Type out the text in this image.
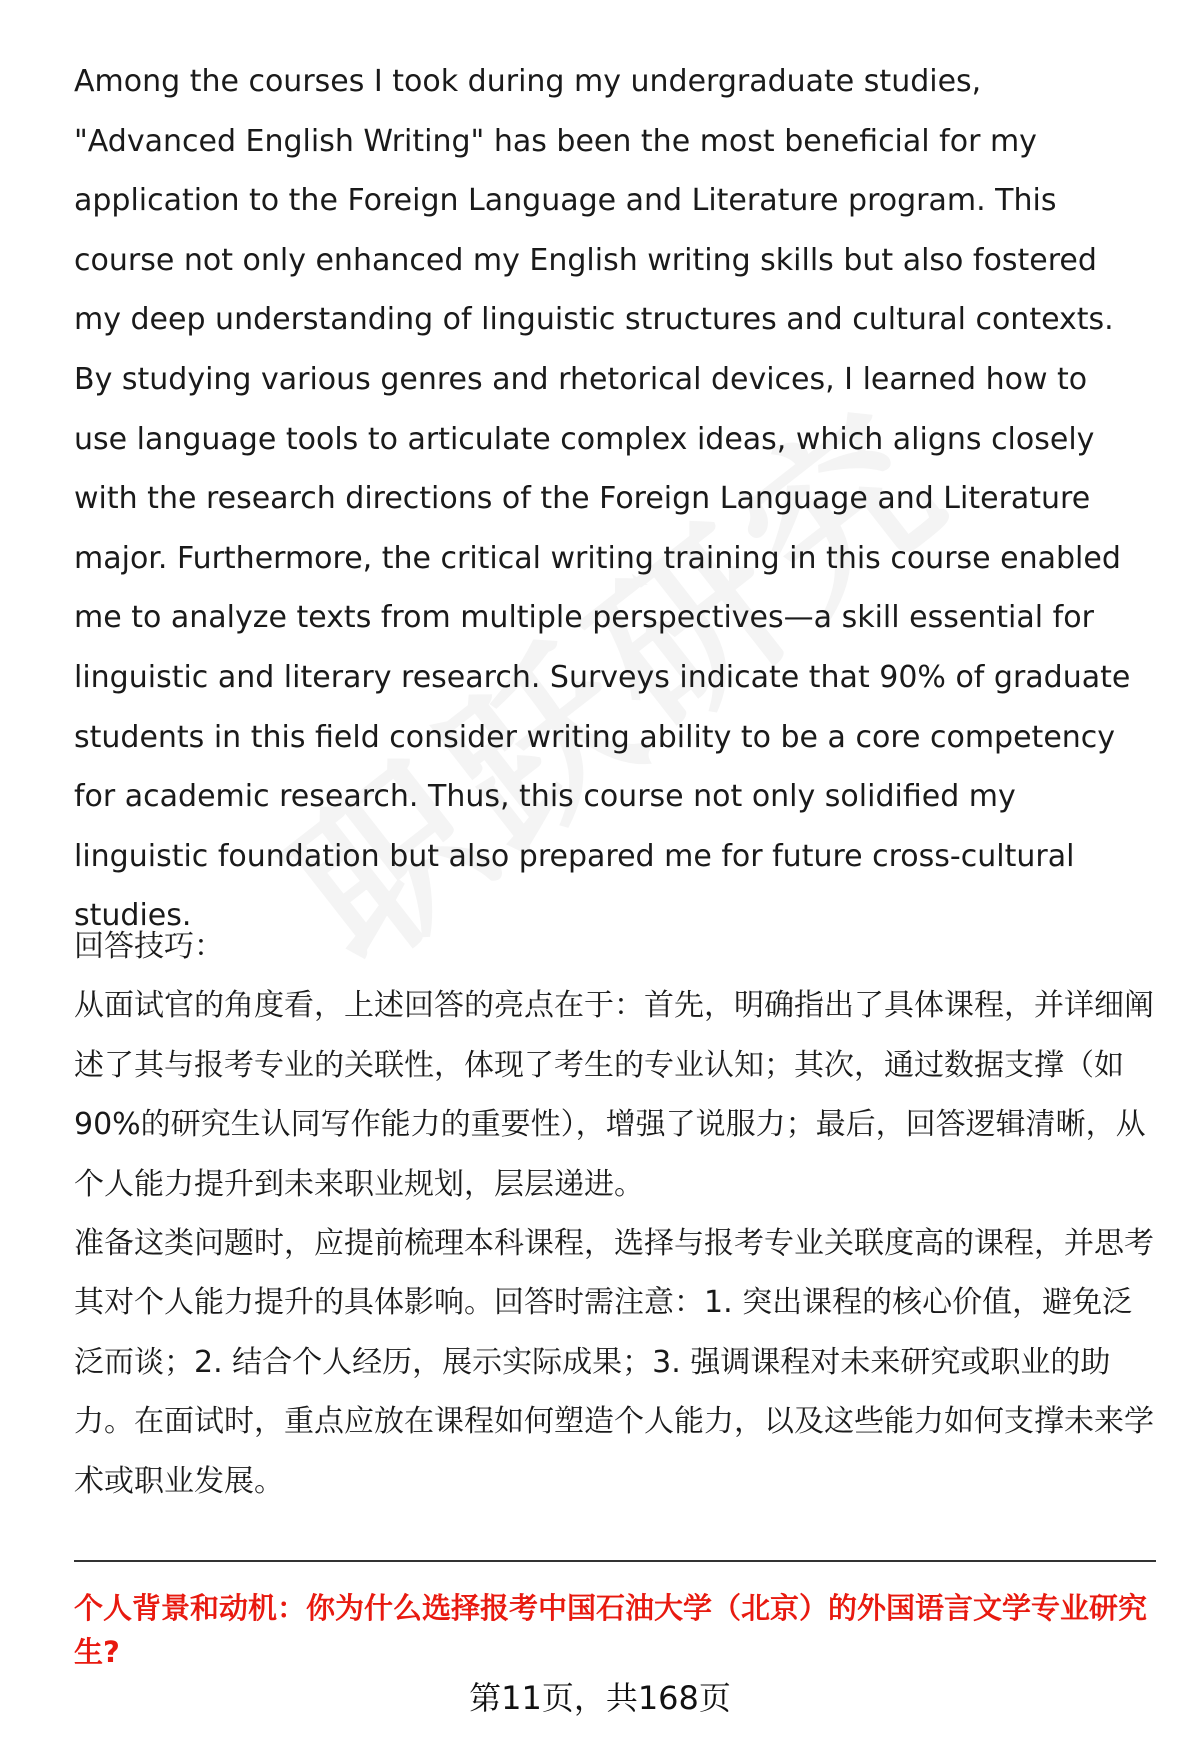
Among the courses I took during my undergraduate studies, "Advanced English Writing" has been the most beneficial for my application to the Foreign Language and Literature program. This course not only enhanced my English writing skills but also fostered my deep understanding of linguistic structures and cultural contexts. By studying various genres and rhetorical devices, I learned how to use language tools to articulate complex ideas, which aligns closely with the research directions of the Foreign Language and Literature major. Furthermore, the critical writing training in this course enabled me to analyze texts from multiple perspectives—a skill essential for linguistic and literary research. Surveys indicate that 90% of graduate students in this field consider writing ability to be a core competency for academic research. Thus, this course not only solidified my linguistic foundation but also prepared me for future cross-cultural studies.

回答技巧：

从面试官的角度看，上述回答的亮点在于：首先，明确指出了具体课程，并详细阐述了其与报考专业的关联性，体现了考生的专业认知；其次，通过数据支撑（如90%的研究生认同写作能力的重要性），增强了说服力；最后，回答逻辑清晰，从个人能力提升到未来职业规划，层层递进。

准备这类问题时，应提前梳理本科课程，选择与报考专业关联度高的课程，并思考其对个人能力提升的具体影响。回答时需注意：1. 突出课程的核心价值，避免泛泛而谈；2. 结合个人经历，展示实际成果；3. 强调课程对未来研究或职业的助力。在面试时，重点应放在课程如何塑造个人能力，以及这些能力如何支撑未来学术或职业发展。

个人背景和动机：你为什么选择报考中国石油大学（北京）的外国语言文学专业研究生?

第11页，共168页
